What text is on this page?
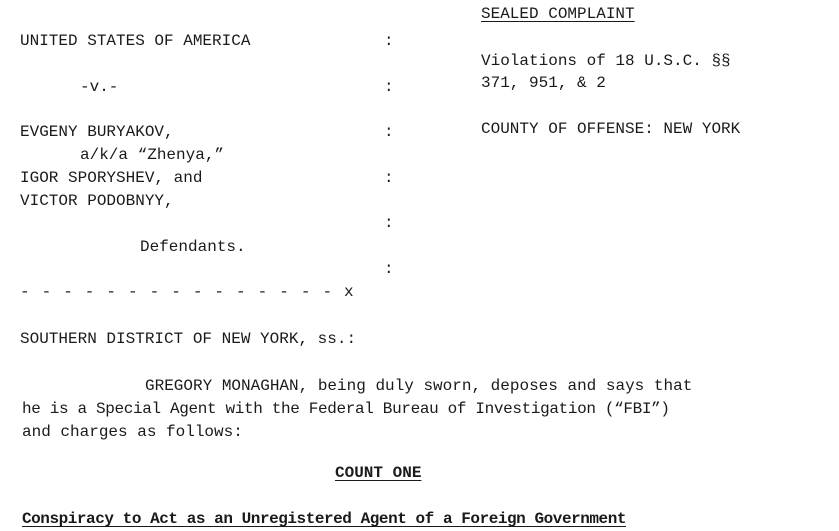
UNITED STATES OF AMERICA	:
-v.-	:
EVGENY BURYAKOV,	:
a/k/a “Zhenya,”
IGOR SPORYSHEV, and	:
VICTOR PODOBNYY,
:
Defendants.
:
- - - - - - - - - - - - - - - x
SEALED COMPLAINT
Violations of 18 U.S.C. §§
371, 951, & 2
COUNTY OF OFFENSE: NEW YORK
SOUTHERN DISTRICT OF NEW YORK, ss.:
GREGORY MONAGHAN, being duly sworn, deposes and says that
he is a Special Agent with the Federal Bureau of Investigation (“FBI”)
and charges as follows:
COUNT ONE
Conspiracy to Act as an Unregistered Agent of a Foreign Government
